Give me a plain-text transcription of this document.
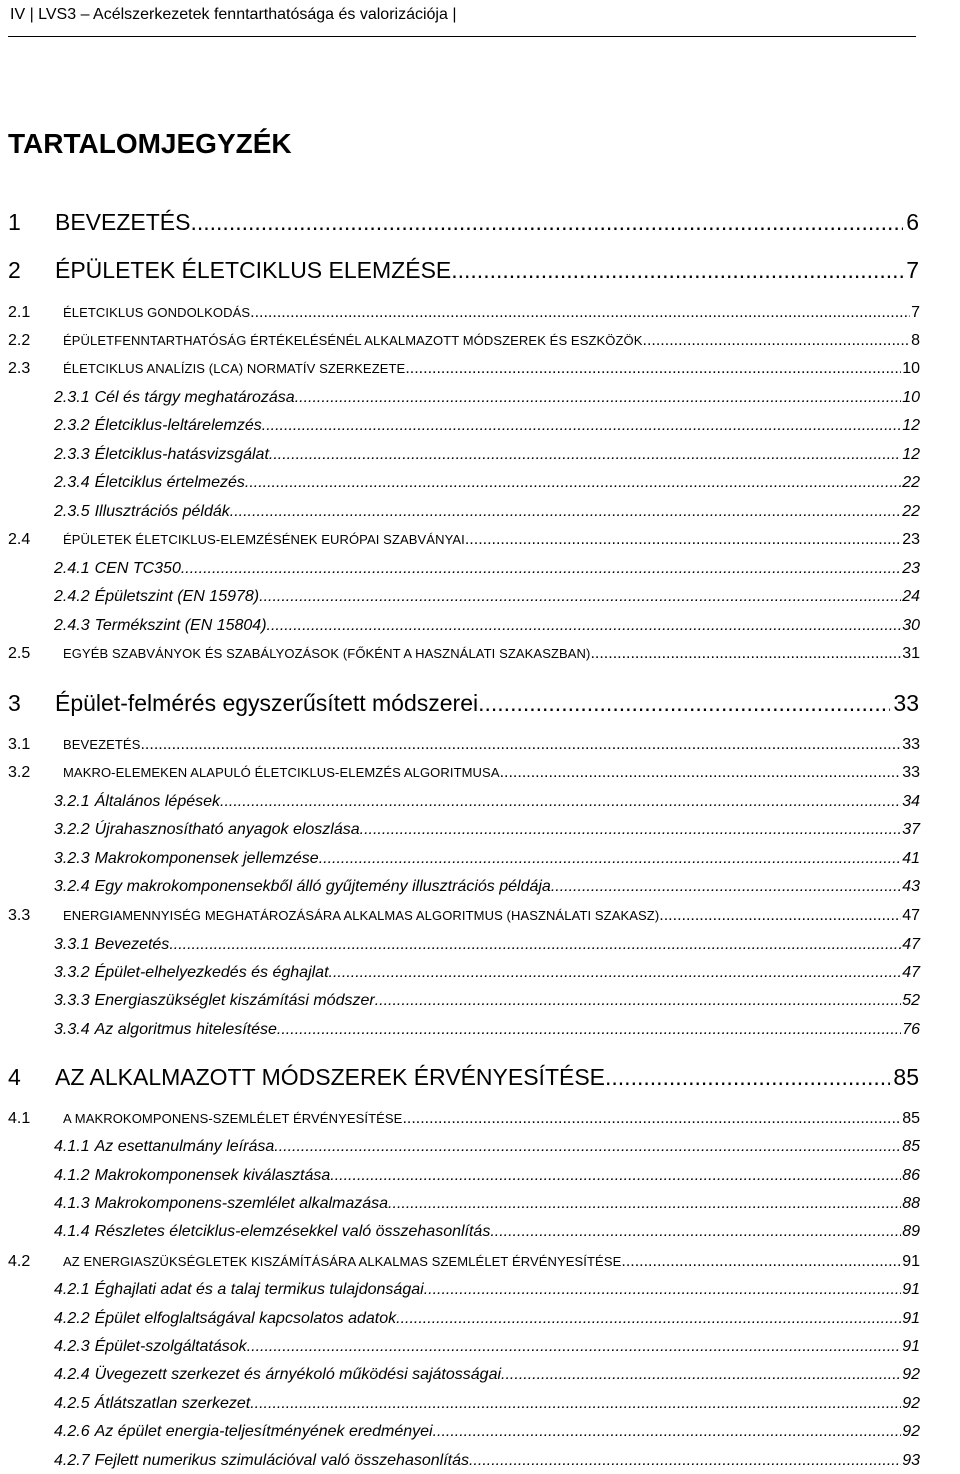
IV | LVS3 – Acélszerkezetek fenntarthatósága és valorizációja |
TARTALOMJEGYZÉK
1	BEVEZETÉS .....	6
2	ÉPÜLETEK ÉLETCIKLUS ELEMZÉSE .....	7
2.1	ÉLETCIKLUS GONDOLKODÁS .....	7
2.2	ÉPÜLETFENNTARTHATÓSÁG ÉRTÉKELÉSÉNÉL ALKALMAZOTT MÓDSZEREK ÉS ESZKÖZÖK .....	8
2.3	ÉLETCIKLUS ANALÍZIS (LCA) NORMATÍV SZERKEZETE .....	10
2.3.1 Cél és tárgy meghatározása .....	10
2.3.2 Életciklus-leltárelemzés .....	12
2.3.3 Életciklus-hatásvizsgálat .....	12
2.3.4 Életciklus értelmezés .....	22
2.3.5 Illusztrációs példák .....	22
2.4	ÉPÜLETEK ÉLETCIKLUS-ELEMZÉSÉNEK EURÓPAI SZABVÁNYAI .....	23
2.4.1 CEN TC350 .....	23
2.4.2 Épületszint (EN 15978) .....	24
2.4.3 Termékszint (EN 15804) .....	30
2.5	EGYÉB SZABVÁNYOK ÉS SZABÁLYOZÁSOK (FŐKÉNT A HASZNÁLATI SZAKASZBAN) .....	31
3	Épület-felmérés egyszerűsített módszerei .....	33
3.1	BEVEZETÉS .....	33
3.2	MAKRO-ELEMEKEN ALAPULÓ ÉLETCIKLUS-ELEMZÉS ALGORITMUSA .....	33
3.2.1 Általános lépések .....	34
3.2.2 Újrahasznosítható anyagok eloszlása .....	37
3.2.3 Makrokomponensek jellemzése .....	41
3.2.4 Egy makrokomponensekből álló gyűjtemény illusztrációs példája .....	43
3.3	ENERGIAMENNYISÉG MEGHATÁROZÁSÁRA ALKALMAS ALGORITMUS (HASZNÁLATI SZAKASZ) .....	47
3.3.1 Bevezetés .....	47
3.3.2 Épület-elhelyezkedés és éghajlat .....	47
3.3.3 Energiaszükséglet kiszámítási módszer .....	52
3.3.4 Az algoritmus hitelesítése .....	76
4	AZ ALKALMAZOTT MÓDSZEREK ÉRVÉNYESÍTÉSE .....	85
4.1	A MAKROKOMPONENS-SZEMLÉLET ÉRVÉNYESÍTÉSE .....	85
4.1.1 Az esettanulmány leírása .....	85
4.1.2 Makrokomponensek kiválasztása .....	86
4.1.3 Makrokomponens-szemlélet alkalmazása .....	88
4.1.4 Részletes életciklus-elemzésekkel való összehasonlítás .....	89
4.2	AZ ENERGIASZÜKSÉGLETEK KISZÁMÍTÁSÁRA ALKALMAS SZEMLÉLET ÉRVÉNYESÍTÉSE .....	91
4.2.1 Éghajlati adat és a talaj termikus tulajdonságai .....	91
4.2.2 Épület elfoglaltságával kapcsolatos adatok .....	91
4.2.3 Épület-szolgáltatások .....	91
4.2.4 Üvegezett szerkezet és árnyékoló működési sajátosságai .....	92
4.2.5 Átlátszatlan szerkezet .....	92
4.2.6 Az épület energia-teljesítményének eredményei .....	92
4.2.7 Fejlett numerikus szimulációval való összehasonlítás .....	93
